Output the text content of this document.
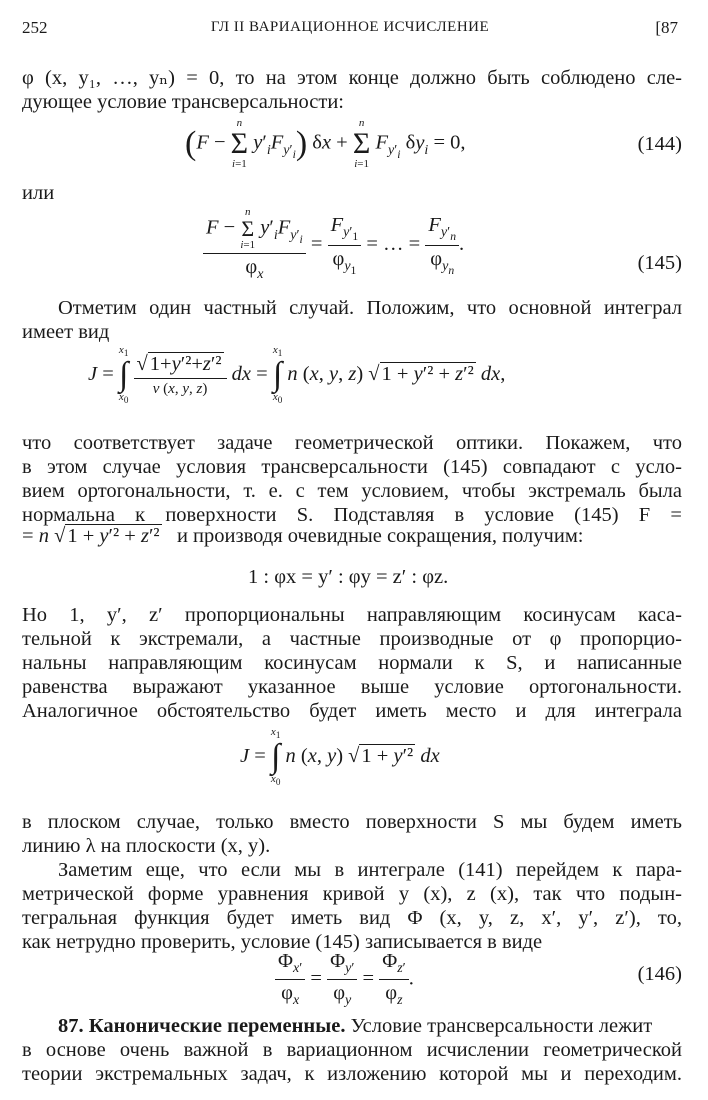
252	ГЛ II ВАРИАЦИОННОЕ ИСЧИСЛЕНИЕ	[87
φ (x, y₁, …, yₙ) = 0, то на этом конце должно быть соблюдено сле-
дующее условие трансверсальности:
(F −
n
Σ
i=1
$y'_iF_{y'_i}$) δx +
n
Σ
i=1
$F_{y'_i}$ $\delta y_i = 0$,	(144)
или
F −
n
Σ
i=1
$y'_iF_{y'_i}$
$\varphi_x = \frac{F_{y'_1}}{\varphi_{y_1}}$ = … = $\frac{F_{y'_n}}{\varphi_{y_n}}$ .
(145)
Отметим один частный случай. Положим, что основной интеграл
имеет вид
J =
$x_1$
∫
$x_0$

$\frac{\text{√1+y′²+z′²}}{v (x, y, z)}$ dx =
$x_1$
∫
$x_0$
n (x, y, z) √1 + y′² + z′² dx,
что соответствует задаче геометрической оптики. Покажем, что
в этом случае условия трансверсальности (145) совпадают с усло-
вием ортогональности, т. е. с тем условием, чтобы экстремаль была
нормальна к поверхности S. Подставляя в условие (145) F =
= n √1 + y′² + z′² и производя очевидные сокращения, получим:
1 : φx = y′ : φy = z′ : φz.
Но 1, y′, z′ пропорциональны направляющим косинусам каса-
тельной к экстремали, а частные производные от φ пропорцио-
нальны направляющим косинусам нормали к S, и написанные
равенства выражают указанное выше условие ортогональности.
Аналогичное обстоятельство будет иметь место и для интеграла
J =
$x_1$
∫
$x_0$
n (x, y) √1 + y′² dx
в плоском случае, только вместо поверхности S мы будем иметь
линию λ на плоскости (x, y).
Заметим еще, что если мы в интеграле (141) перейдем к пара-
метрической форме уравнения кривой y (x), z (x), так что подын-
тегральная функция будет иметь вид Φ (x, y, z, x′, y′, z′), то,
как нетрудно проверить, условие (145) записывается в виде
$\frac{\Phi_{x'}}{\varphi_x} = \frac{\Phi_{y'}}{\varphi_y} = \frac{\Phi_{z'}}{\varphi_z}$ .	(146)
87. Канонические переменные. Условие трансверсальности лежит
в основе очень важной в вариационном исчислении геометрической
теории экстремальных задач, к изложению которой мы и переходим.
